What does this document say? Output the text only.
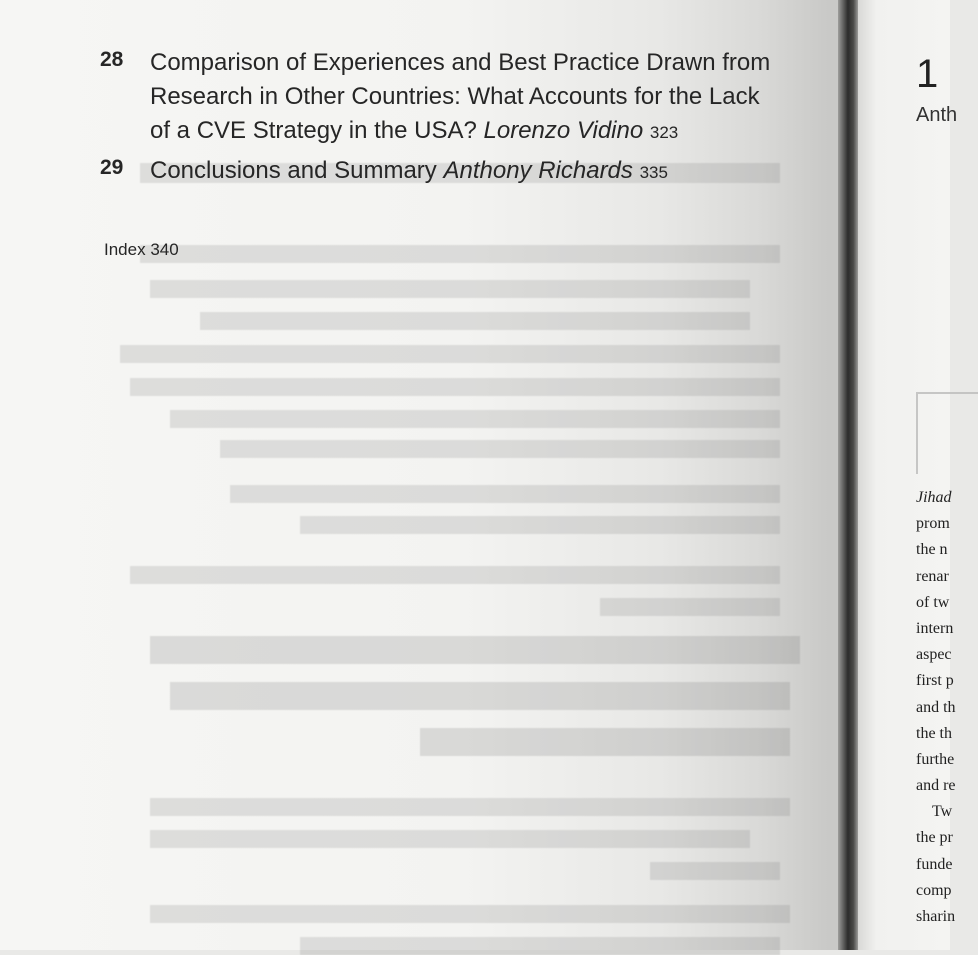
28 Comparison of Experiences and Best Practice Drawn from
Research in Other Countries: What Accounts for the Lack
of a CVE Strategy in the USA? Lorenzo Vidino 323
29 Conclusions and Summary Anthony Richards 335
Index 340
1
Anth
Jihad
prom
the n
renar
of tw
intern
aspec
first p
and th
the th
furthe
and re
Tw
the pr
funde
comp
sharin
